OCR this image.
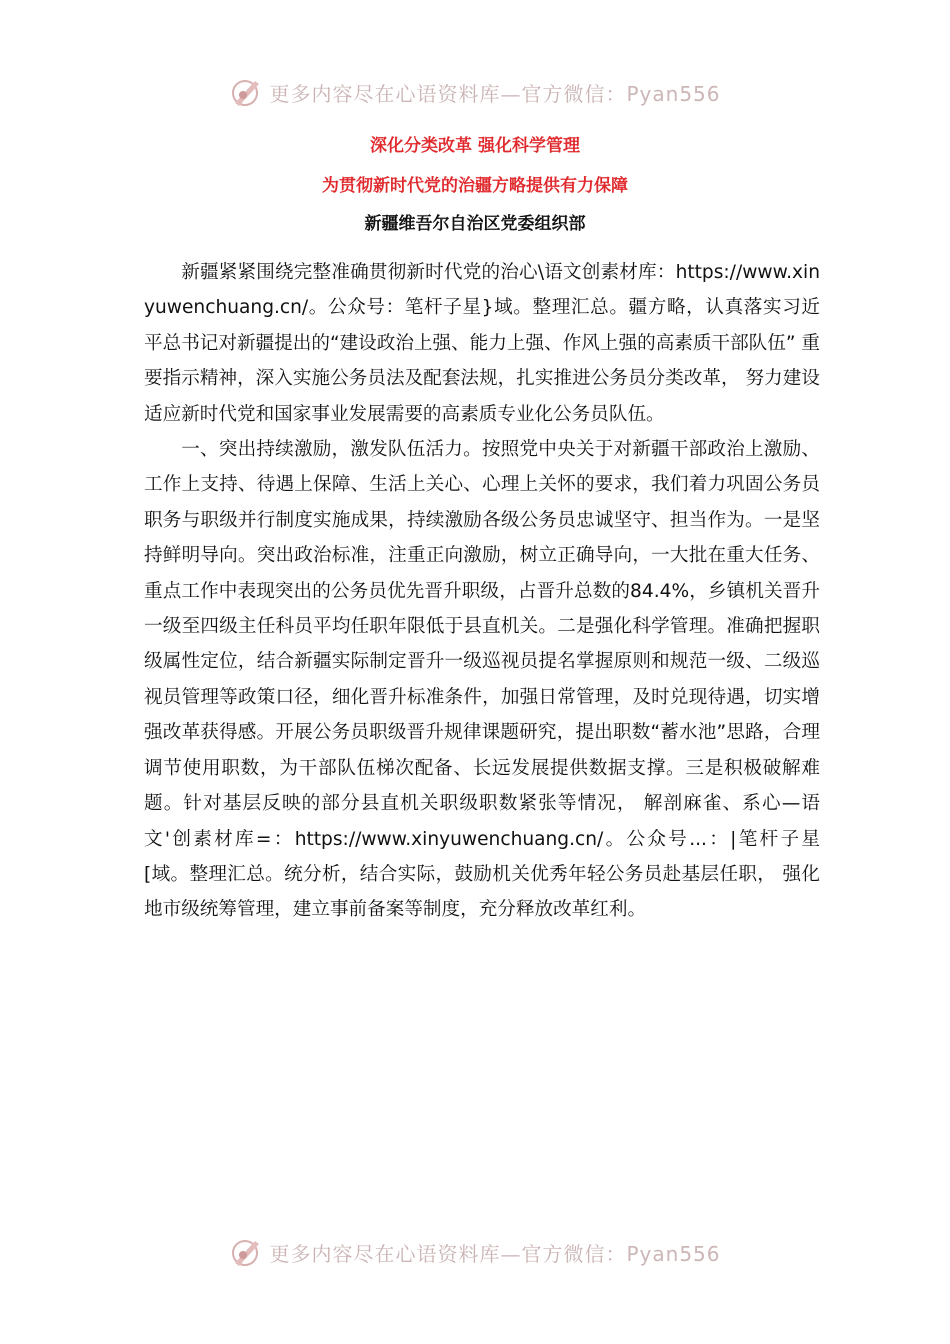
更多内容尽在心语资料库—官方微信：Pyan556
深化分类改革 强化科学管理
为贯彻新时代党的治疆方略提供有力保障
新疆维吾尔自治区党委组织部

新疆紧紧围绕完整准确贯彻新时代党的治心\语文创素材库：https://www.xinyuwenchuang.cn/。公众号：笔杆子星}域。整理汇总。疆方略，认真落实习近平总书记对新疆提出的“建设政治上强、能力上强、作风上强的高素质干部队伍” 重要指示精神，深入实施公务员法及配套法规，扎实推进公务员分类改革， 努力建设适应新时代党和国家事业发展需要的高素质专业化公务员队伍。

一、突出持续激励，激发队伍活力。按照党中央关于对新疆干部政治上激励、工作上支持、待遇上保障、生活上关心、心理上关怀的要求，我们着力巩固公务员职务与职级并行制度实施成果，持续激励各级公务员忠诚坚守、担当作为。一是坚持鲜明导向。突出政治标准，注重正向激励，树立正确导向，一大批在重大任务、重点工作中表现突出的公务员优先晋升职级，占晋升总数的84.4%，乡镇机关晋升一级至四级主任科员平均任职年限低于县直机关。二是强化科学管理。准确把握职级属性定位，结合新疆实际制定晋升一级巡视员提名掌握原则和规范一级、二级巡视员管理等政策口径，细化晋升标准条件，加强日常管理，及时兑现待遇，切实增强改革获得感。开展公务员职级晋升规律课题研究，提出职数“蓄水池”思路，合理调节使用职数，为干部队伍梯次配备、长远发展提供数据支撑。三是积极破解难题。针对基层反映的部分县直机关职级职数紧张等情况， 解剖麻雀、系心—语文'创素材库=：https://www.xinyuwenchuang.cn/。公众号...：|笔杆子星[域。整理汇总。统分析，结合实际，鼓励机关优秀年轻公务员赴基层任职， 强化地市级统筹管理，建立事前备案等制度，充分释放改革红利。

更多内容尽在心语资料库—官方微信：Pyan556
